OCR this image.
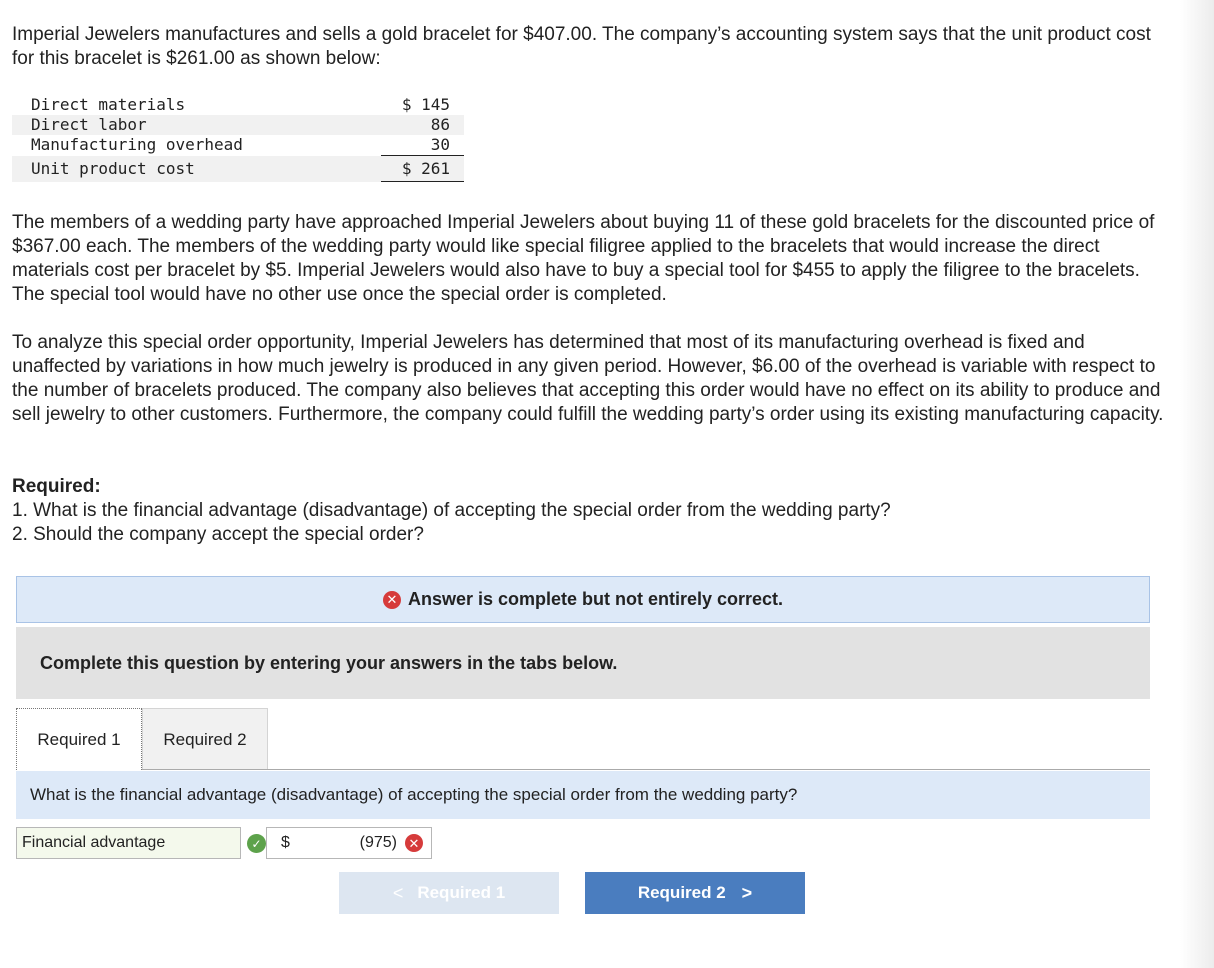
Imperial Jewelers manufactures and sells a gold bracelet for $407.00. The company’s accounting system says that the unit product cost for this bracelet is $261.00 as shown below:

Direct materials	$ 145
Direct labor	86
Manufacturing overhead	30
Unit product cost	$ 261

The members of a wedding party have approached Imperial Jewelers about buying 11 of these gold bracelets for the discounted price of $367.00 each. The members of the wedding party would like special filigree applied to the bracelets that would increase the direct materials cost per bracelet by $5. Imperial Jewelers would also have to buy a special tool for $455 to apply the filigree to the bracelets. The special tool would have no other use once the special order is completed.

To analyze this special order opportunity, Imperial Jewelers has determined that most of its manufacturing overhead is fixed and unaffected by variations in how much jewelry is produced in any given period. However, $6.00 of the overhead is variable with respect to the number of bracelets produced. The company also believes that accepting this order would have no effect on its ability to produce and sell jewelry to other customers. Furthermore, the company could fulfill the wedding party’s order using its existing manufacturing capacity.

Required:
1. What is the financial advantage (disadvantage) of accepting the special order from the wedding party?
2. Should the company accept the special order?
✕ Answer is complete but not entirely correct.
Complete this question by entering your answers in the tabs below.
Required 1	Required 2
What is the financial advantage (disadvantage) of accepting the special order from the wedding party?
Financial advantage	✓ $	(975) ✕
< Required 1	Required 2 >
